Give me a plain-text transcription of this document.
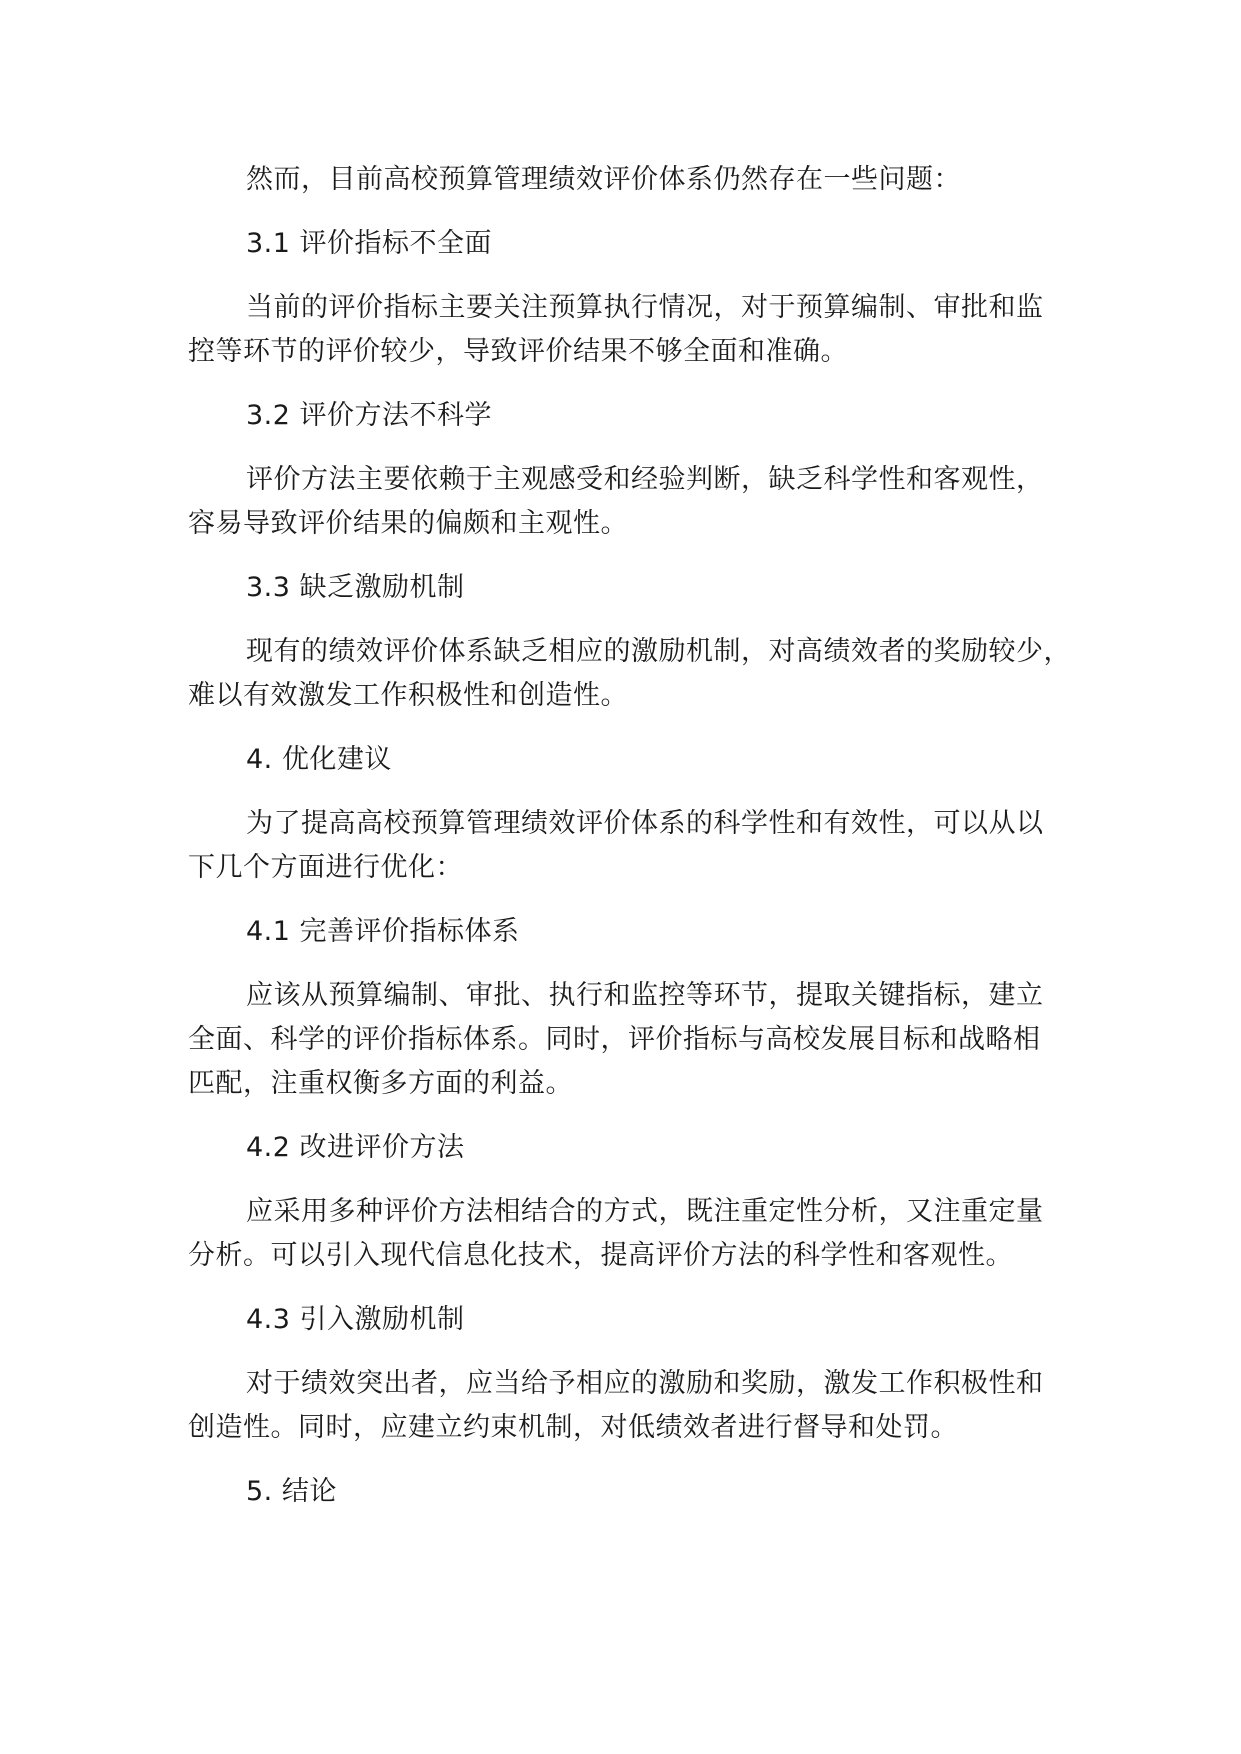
然而，目前高校预算管理绩效评价体系仍然存在一些问题：

3.1 评价指标不全面

当前的评价指标主要关注预算执行情况，对于预算编制、审批和监
控等环节的评价较少，导致评价结果不够全面和准确。

3.2 评价方法不科学

评价方法主要依赖于主观感受和经验判断，缺乏科学性和客观性，
容易导致评价结果的偏颇和主观性。

3.3 缺乏激励机制

现有的绩效评价体系缺乏相应的激励机制，对高绩效者的奖励较少，
难以有效激发工作积极性和创造性。

4. 优化建议

为了提高高校预算管理绩效评价体系的科学性和有效性，可以从以
下几个方面进行优化：

4.1 完善评价指标体系

应该从预算编制、审批、执行和监控等环节，提取关键指标，建立
全面、科学的评价指标体系。同时，评价指标与高校发展目标和战略相
匹配，注重权衡多方面的利益。

4.2 改进评价方法

应采用多种评价方法相结合的方式，既注重定性分析，又注重定量
分析。可以引入现代信息化技术，提高评价方法的科学性和客观性。

4.3 引入激励机制

对于绩效突出者，应当给予相应的激励和奖励，激发工作积极性和
创造性。同时，应建立约束机制，对低绩效者进行督导和处罚。

5. 结论
